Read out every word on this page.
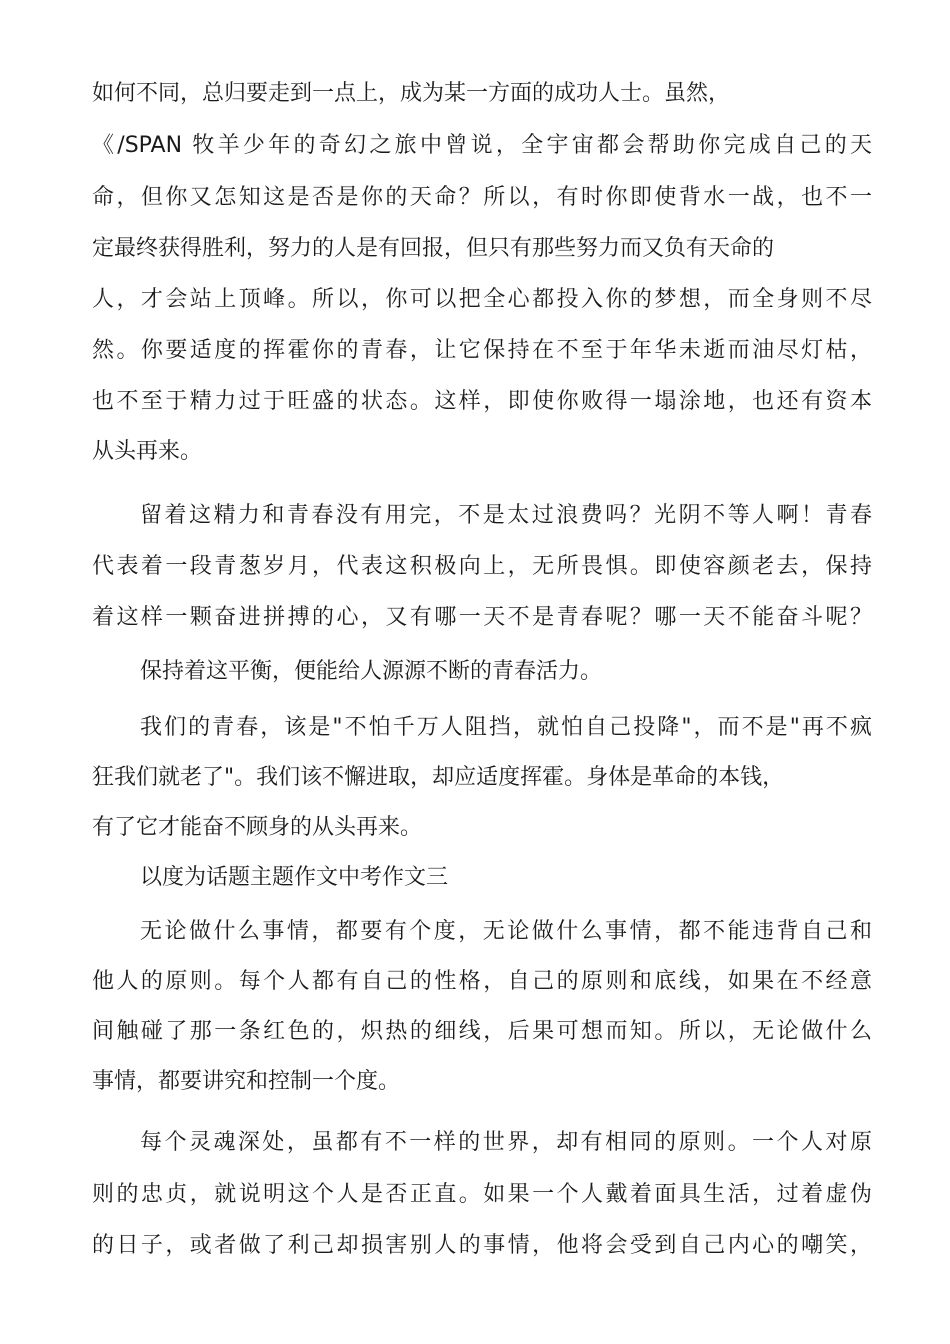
如何不同，总归要走到一点上，成为某一方面的成功人士。虽然，
《/SPAN 牧羊少年的奇幻之旅中曾说，全宇宙都会帮助你完成自己的天
命，但你又怎知这是否是你的天命？所以，有时你即使背水一战，也不一
定最终获得胜利，努力的人是有回报，但只有那些努力而又负有天命的
人，才会站上顶峰。所以，你可以把全心都投入你的梦想，而全身则不尽
然。你要适度的挥霍你的青春，让它保持在不至于年华未逝而油尽灯枯，
也不至于精力过于旺盛的状态。这样，即使你败得一塌涂地，也还有资本
从头再来。
留着这精力和青春没有用完，不是太过浪费吗？光阴不等人啊！青春
代表着一段青葱岁月，代表这积极向上，无所畏惧。即使容颜老去，保持
着这样一颗奋进拼搏的心，又有哪一天不是青春呢？哪一天不能奋斗呢？
保持着这平衡，便能给人源源不断的青春活力。
我们的青春，该是"不怕千万人阻挡，就怕自己投降"，而不是"再不疯
狂我们就老了"。我们该不懈进取，却应适度挥霍。身体是革命的本钱，
有了它才能奋不顾身的从头再来。
以度为话题主题作文中考作文三
无论做什么事情，都要有个度，无论做什么事情，都不能违背自己和
他人的原则。每个人都有自己的性格，自己的原则和底线，如果在不经意
间触碰了那一条红色的，炽热的细线，后果可想而知。所以，无论做什么
事情，都要讲究和控制一个度。
每个灵魂深处，虽都有不一样的世界，却有相同的原则。一个人对原
则的忠贞，就说明这个人是否正直。如果一个人戴着面具生活，过着虚伪
的日子，或者做了利己却损害别人的事情，他将会受到自己内心的嘲笑，
